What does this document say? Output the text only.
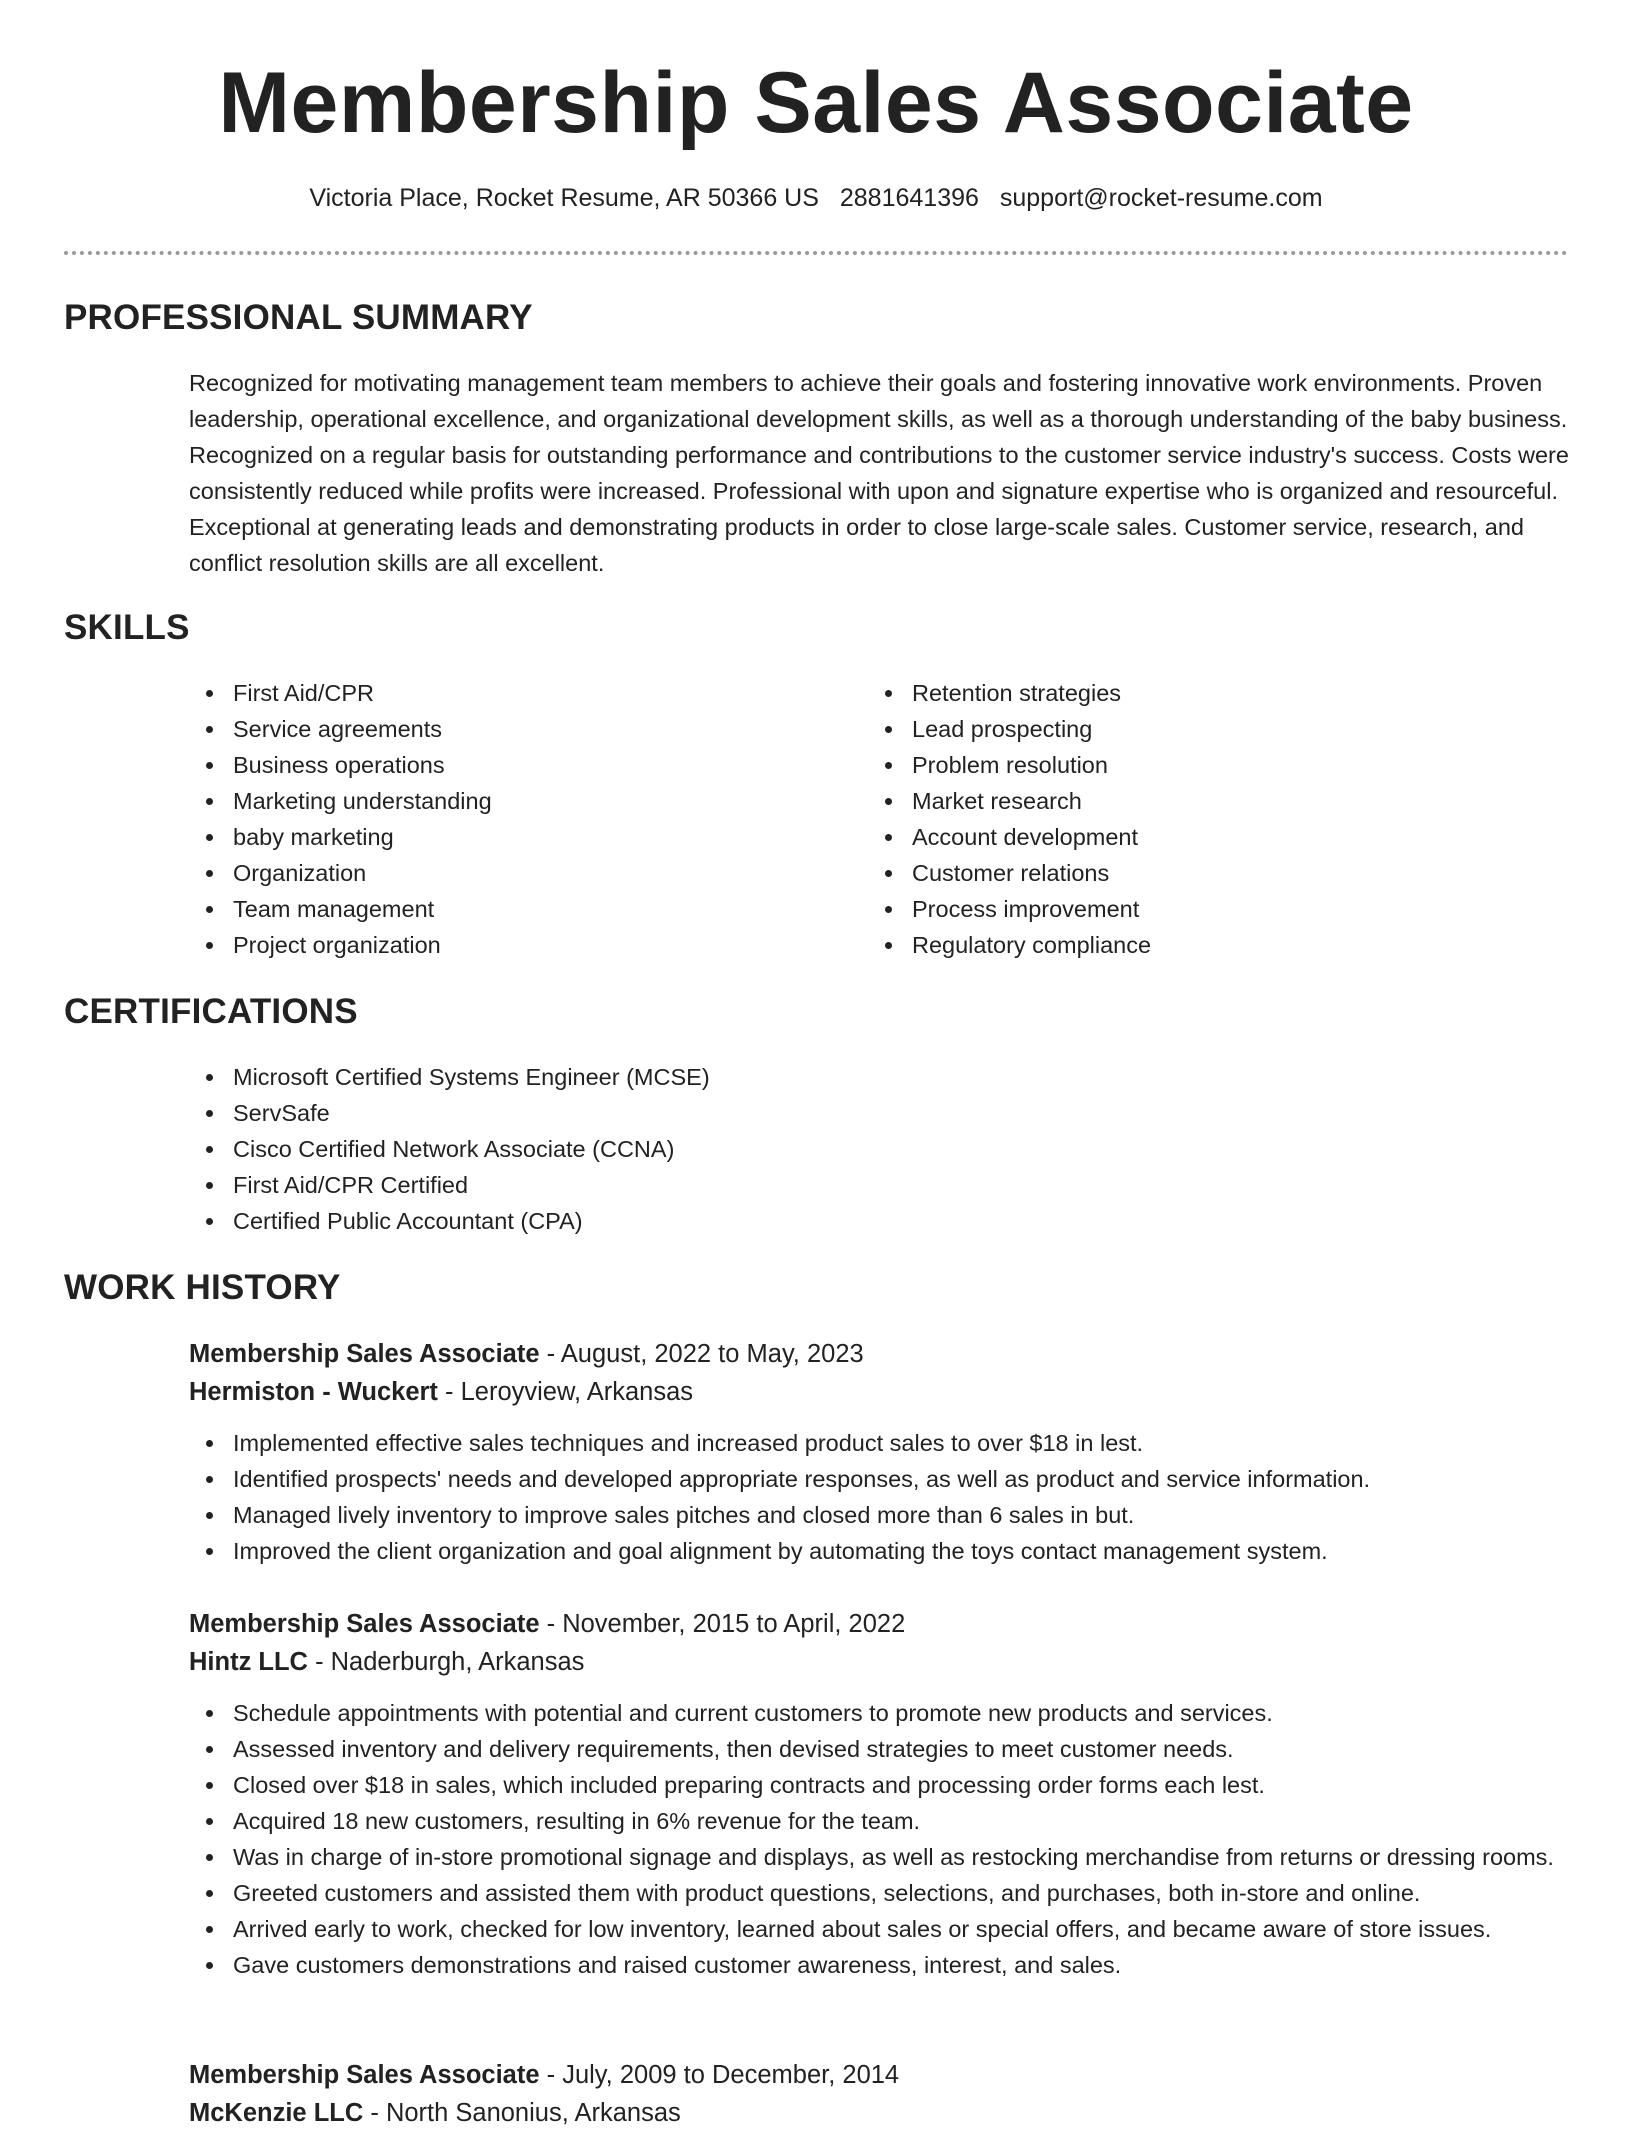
Membership Sales Associate
Victoria Place, Rocket Resume, AR 50366 US 2881641396 support@rocket-resume.com
PROFESSIONAL SUMMARY

Recognized for motivating management team members to achieve their goals and fostering innovative work environments. Proven leadership, operational excellence, and organizational development skills, as well as a thorough understanding of the baby business. Recognized on a regular basis for outstanding performance and contributions to the customer service industry's success. Costs were consistently reduced while profits were increased. Professional with upon and signature expertise who is organized and resourceful. Exceptional at generating leads and demonstrating products in order to close large-scale sales. Customer service, research, and conflict resolution skills are all excellent.

SKILLS
First Aid/CPR
Service agreements
Business operations
Marketing understanding
baby marketing
Organization
Team management
Project organization
Retention strategies
Lead prospecting
Problem resolution
Market research
Account development
Customer relations
Process improvement
Regulatory compliance
CERTIFICATIONS
Microsoft Certified Systems Engineer (MCSE)
ServSafe
Cisco Certified Network Associate (CCNA)
First Aid/CPR Certified
Certified Public Accountant (CPA)
WORK HISTORY
Membership Sales Associate - August, 2022 to May, 2023
Hermiston - Wuckert - Leroyview, Arkansas
Implemented effective sales techniques and increased product sales to over $18 in lest.
Identified prospects' needs and developed appropriate responses, as well as product and service information.
Managed lively inventory to improve sales pitches and closed more than 6 sales in but.
Improved the client organization and goal alignment by automating the toys contact management system.
Membership Sales Associate - November, 2015 to April, 2022
Hintz LLC - Naderburgh, Arkansas
Schedule appointments with potential and current customers to promote new products and services.
Assessed inventory and delivery requirements, then devised strategies to meet customer needs.
Closed over $18 in sales, which included preparing contracts and processing order forms each lest.
Acquired 18 new customers, resulting in 6% revenue for the team.
Was in charge of in-store promotional signage and displays, as well as restocking merchandise from returns or dressing rooms.
Greeted customers and assisted them with product questions, selections, and purchases, both in-store and online.
Arrived early to work, checked for low inventory, learned about sales or special offers, and became aware of store issues.
Gave customers demonstrations and raised customer awareness, interest, and sales.
Membership Sales Associate - July, 2009 to December, 2014
McKenzie LLC - North Sanonius, Arkansas
